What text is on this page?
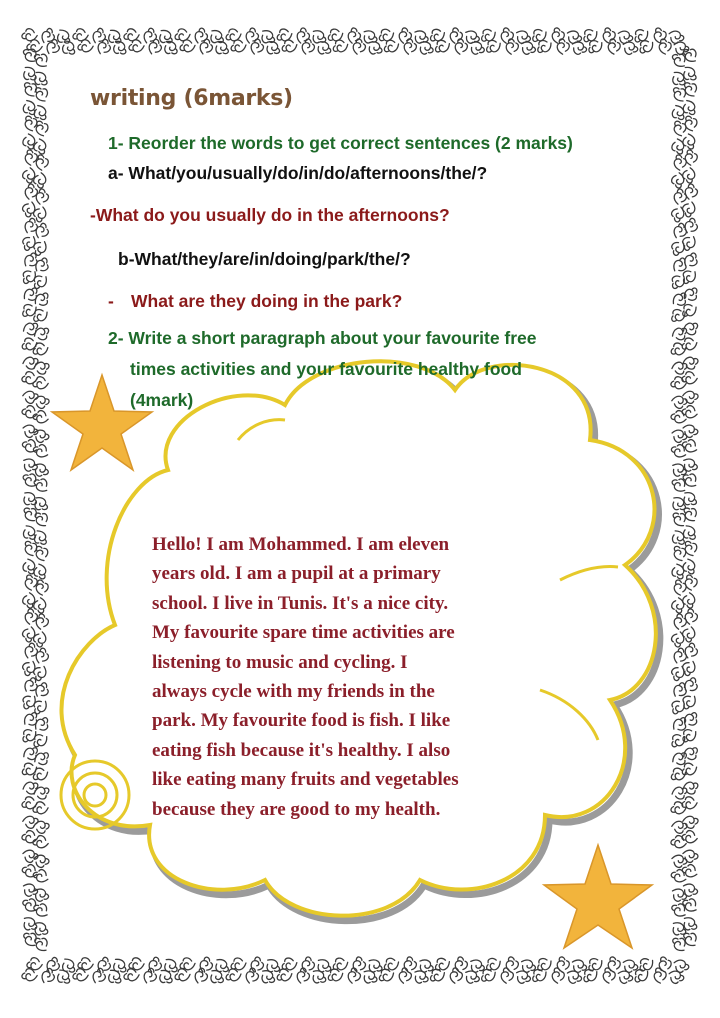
writing (6marks)

1- Reorder the words to get correct sentences (2 marks)

a- What/you/usually/do/in/do/afternoons/the/?

-What do you usually do in the afternoons?

b-What/they/are/in/doing/park/the/?

- What are they doing in the park?

2- Write a short paragraph about your favourite free
times activities and your favourite healthy food
(4mark)
Hello! I am Mohammed. I am eleven
years old. I am a pupil at a primary
school. I live in Tunis. It's a nice city.
My favourite spare time activities are
listening to music and cycling. I
always cycle with my friends in the
park. My favourite food is fish. I like
eating fish because it's healthy. I also
like eating many fruits and vegetables
because they are good to my health.
